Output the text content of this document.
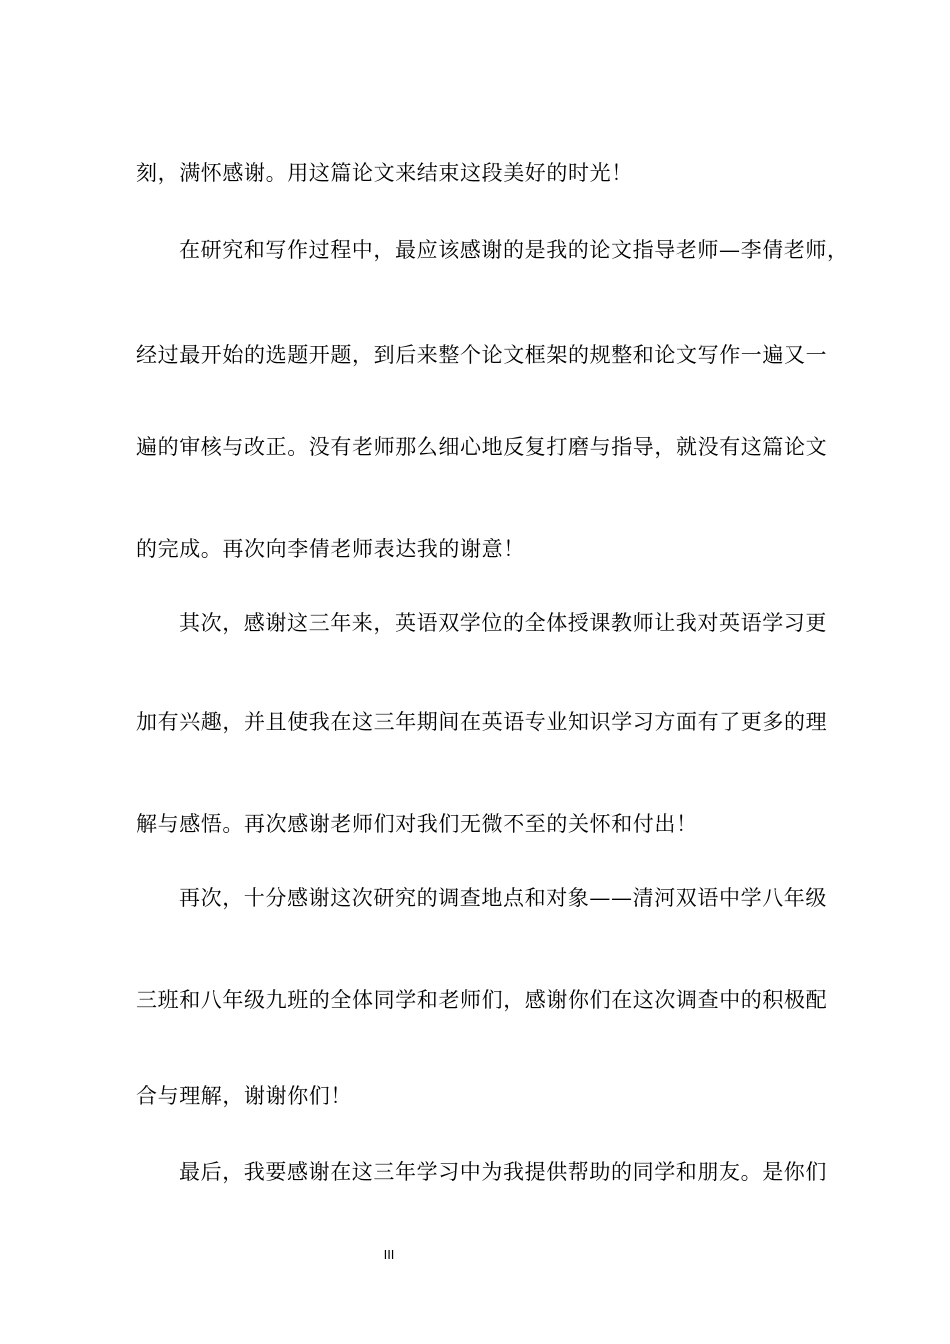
刻，满怀感谢。用这篇论文来结束这段美好的时光！
在研究和写作过程中，最应该感谢的是我的论文指导老师—李倩老师，
经过最开始的选题开题，到后来整个论文框架的规整和论文写作一遍又一
遍的审核与改正。没有老师那么细心地反复打磨与指导，就没有这篇论文
的完成。再次向李倩老师表达我的谢意！
其次，感谢这三年来，英语双学位的全体授课教师让我对英语学习更
加有兴趣，并且使我在这三年期间在英语专业知识学习方面有了更多的理
解与感悟。再次感谢老师们对我们无微不至的关怀和付出！
再次，十分感谢这次研究的调查地点和对象——清河双语中学八年级
三班和八年级九班的全体同学和老师们，感谢你们在这次调查中的积极配
合与理解，谢谢你们！
最后，我要感谢在这三年学习中为我提供帮助的同学和朋友。是你们
III
